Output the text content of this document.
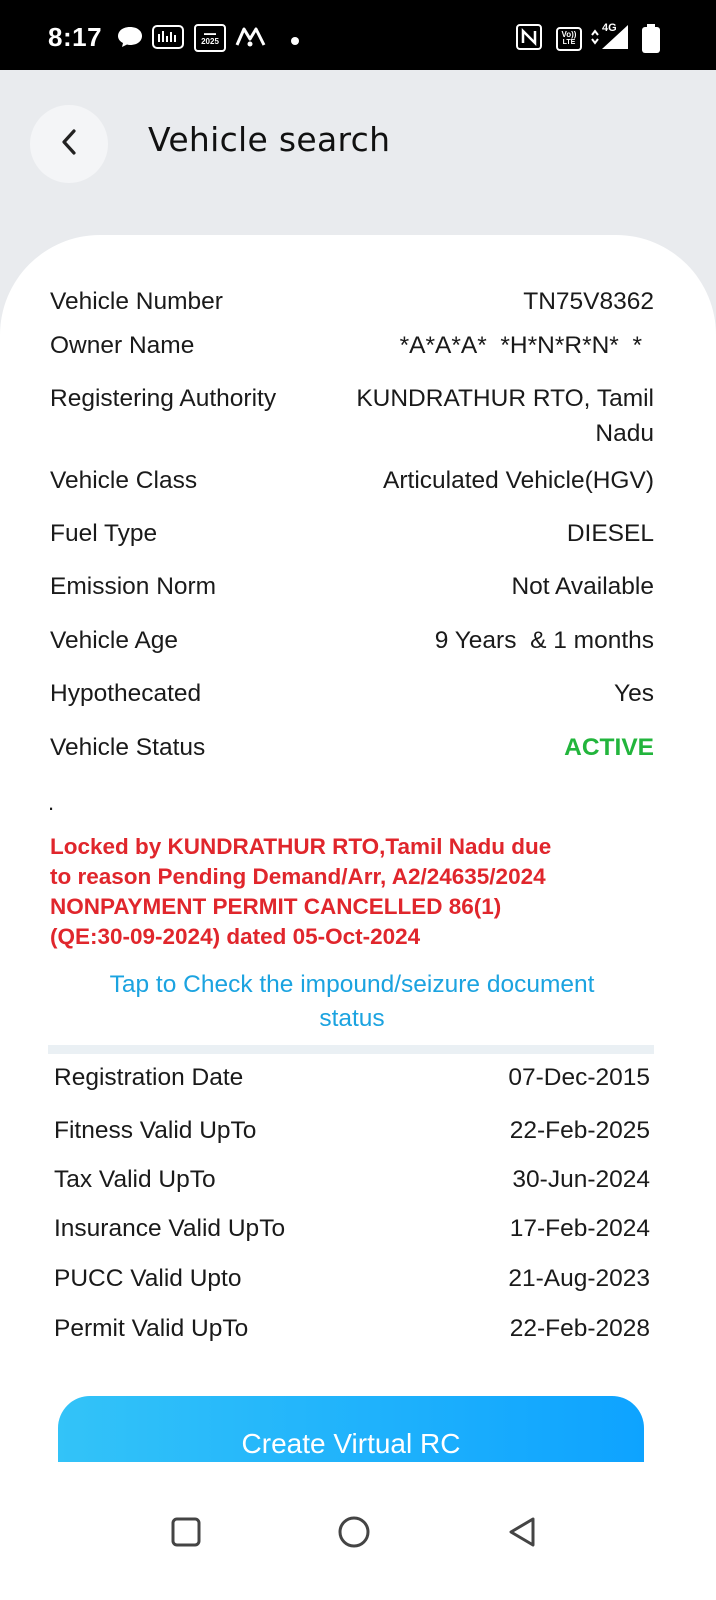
8:17	▬▬
2025
Vo))
LTE
4G
Vehicle search
Vehicle Number	TN75V8362
Owner Name	*A*A*A*  *H*N*R*N*  *
Registering Authority	KUNDRATHUR RTO, Tamil
Nadu
Vehicle Class	Articulated Vehicle(HGV)
Fuel Type	DIESEL
Emission Norm	Not Available
Vehicle Age	9 Years  & 1 months
Hypothecated	Yes
Vehicle Status	ACTIVE
.
Locked by KUNDRATHUR RTO,Tamil Nadu due
to reason Pending Demand/Arr, A2/24635/2024
NONPAYMENT PERMIT CANCELLED 86(1)
(QE:30-09-2024) dated 05-Oct-2024
Tap to Check the impound/seizure document
status
Registration Date	07-Dec-2015
Fitness Valid UpTo	22-Feb-2025
Tax Valid UpTo	30-Jun-2024
Insurance Valid UpTo	17-Feb-2024
PUCC Valid Upto	21-Aug-2023
Permit Valid UpTo	22-Feb-2028
Create Virtual RC
